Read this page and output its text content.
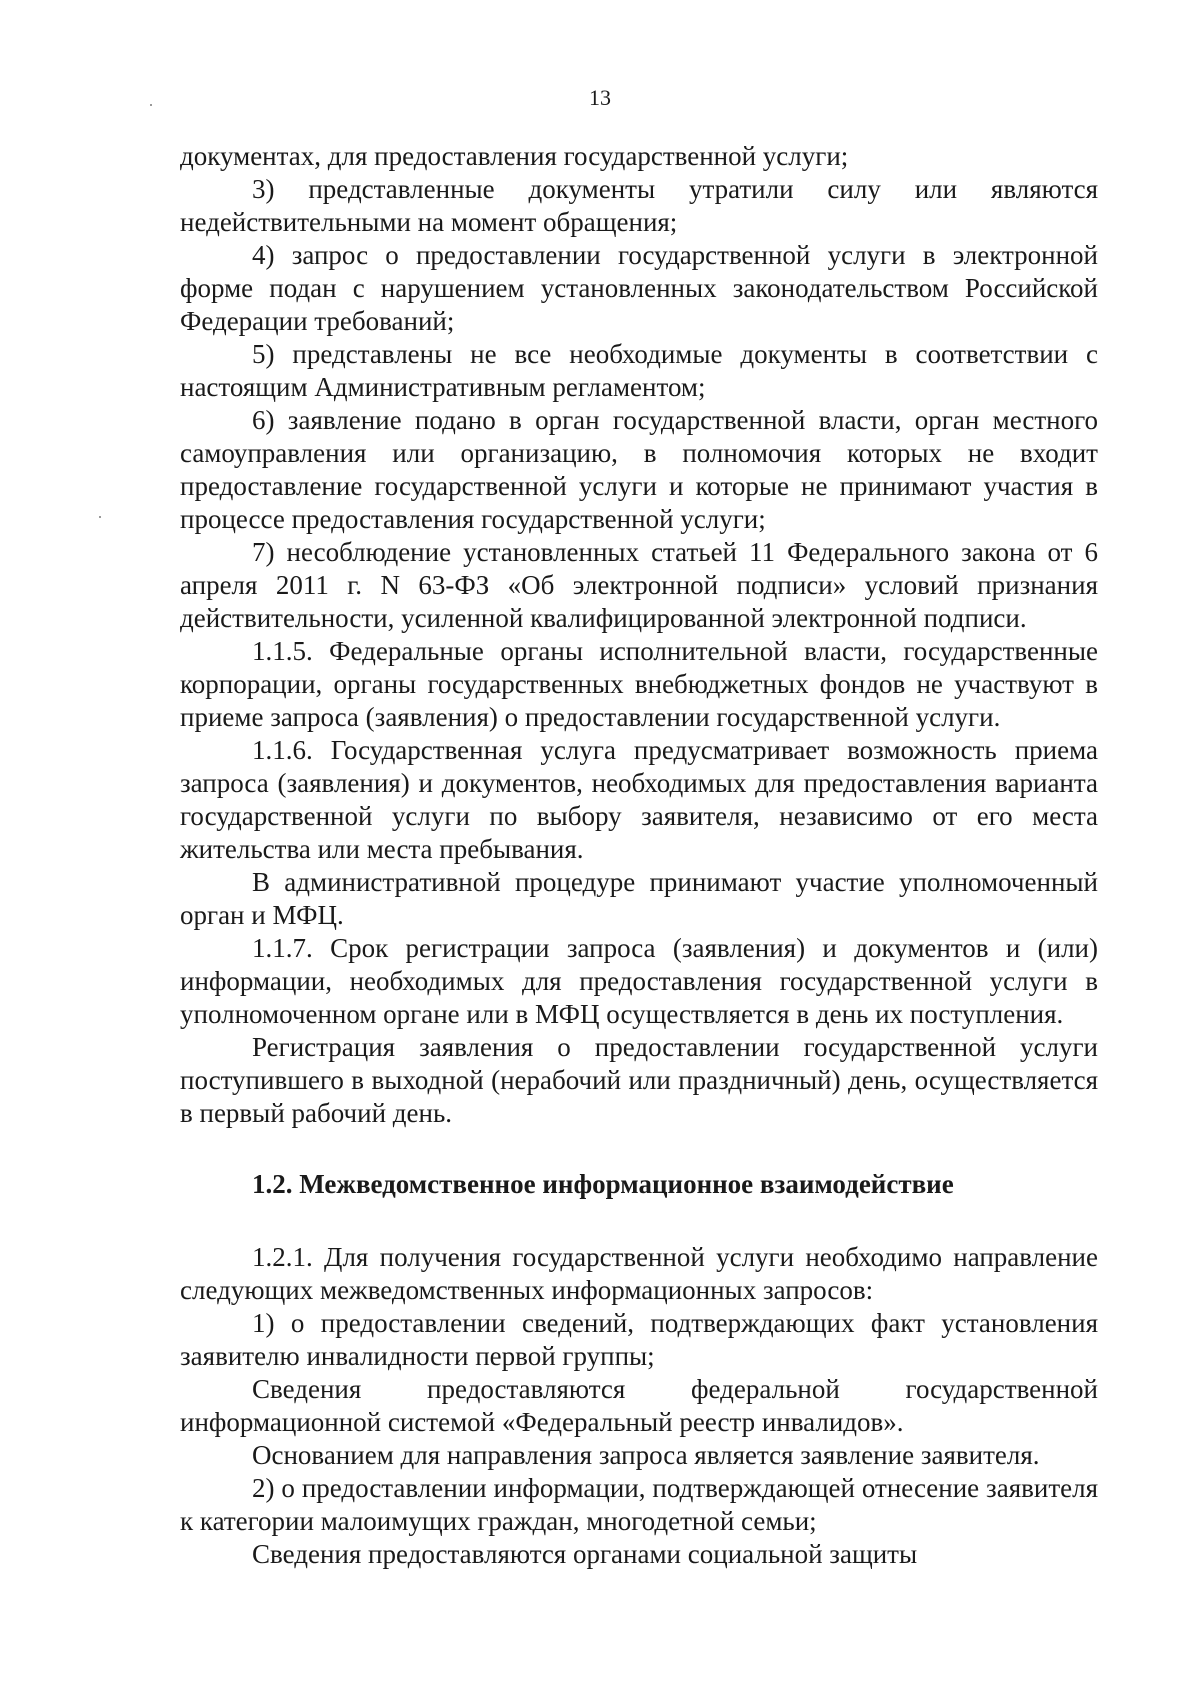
13

документах, для предоставления государственной услуги;

3) представленные документы утратили силу или являются недействительными на момент обращения;

4) запрос о предоставлении государственной услуги в электронной форме подан с нарушением установленных законодательством Российской Федерации требований;

5) представлены не все необходимые документы в соответствии с настоящим Административным регламентом;

6) заявление подано в орган государственной власти, орган местного самоуправления или организацию, в полномочия которых не входит предоставление государственной услуги и которые не принимают участия в процессе предоставления государственной услуги;

7) несоблюдение установленных статьей 11 Федерального закона от 6 апреля 2011 г. N 63-ФЗ «Об электронной подписи» условий признания действительности, усиленной квалифицированной электронной подписи.

1.1.5. Федеральные органы исполнительной власти, государственные корпорации, органы государственных внебюджетных фондов не участвуют в приеме запроса (заявления) о предоставлении государственной услуги.

1.1.6. Государственная услуга предусматривает возможность приема запроса (заявления) и документов, необходимых для предоставления варианта государственной услуги по выбору заявителя, независимо от его места жительства или места пребывания.

В административной процедуре принимают участие уполномоченный орган и МФЦ.

1.1.7. Срок регистрации запроса (заявления) и документов и (или) информации, необходимых для предоставления государственной услуги в уполномоченном органе или в МФЦ осуществляется в день их поступления.

Регистрация заявления о предоставлении государственной услуги поступившего в выходной (нерабочий или праздничный) день, осуществляется в первый рабочий день.

1.2. Межведомственное информационное взаимодействие

1.2.1. Для получения государственной услуги необходимо направление следующих межведомственных информационных запросов:

1) о предоставлении сведений, подтверждающих факт установления заявителю инвалидности первой группы;

Сведения предоставляются федеральной государственной информационной системой «Федеральный реестр инвалидов».

Основанием для направления запроса является заявление заявителя.

2) о предоставлении информации, подтверждающей отнесение заявителя к категории малоимущих граждан, многодетной семьи;

Сведения предоставляются органами социальной защиты
